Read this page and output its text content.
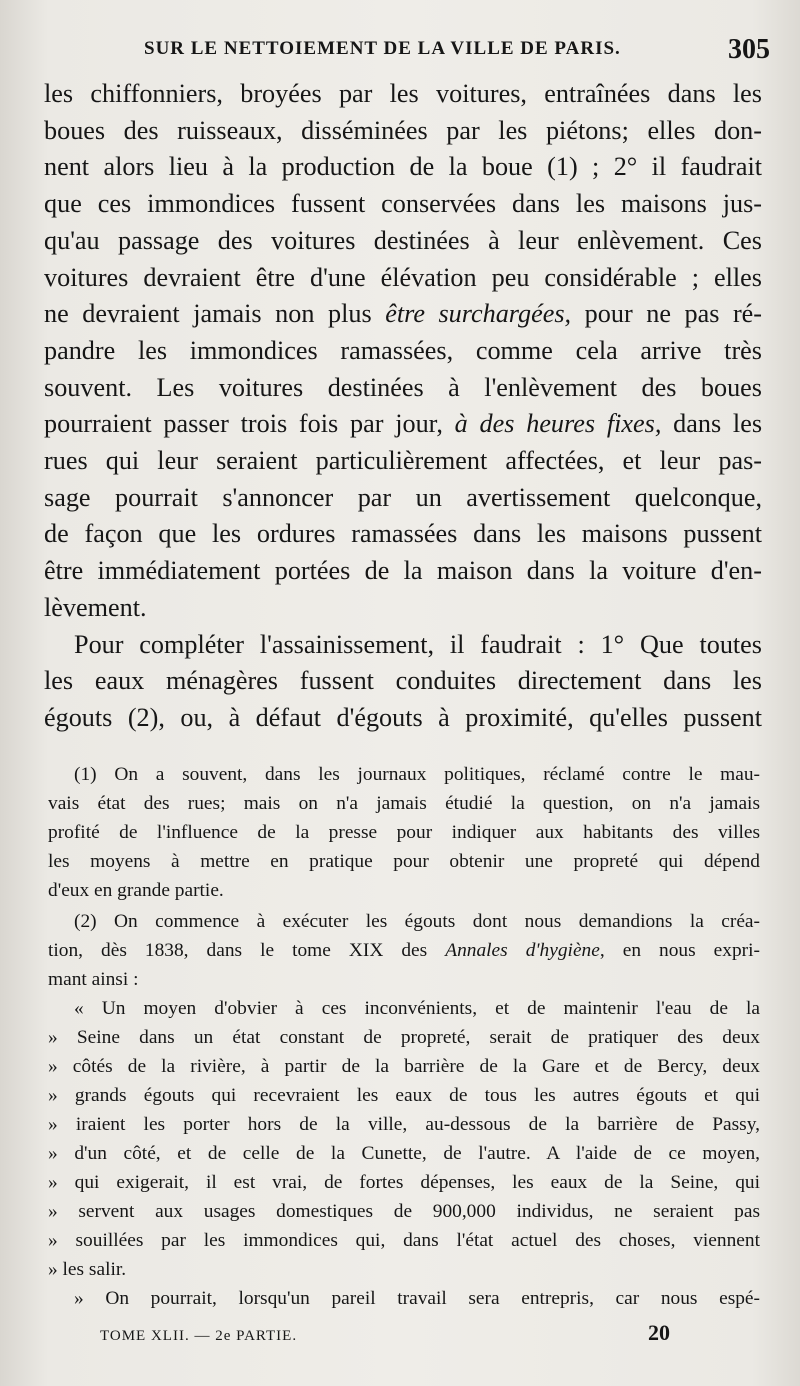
SUR LE NETTOIEMENT DE LA VILLE DE PARIS.	305
les chiffonniers, broyées par les voitures, entraînées dans les
boues des ruisseaux, disséminées par les piétons; elles don-
nent alors lieu à la production de la boue (1) ; 2° il faudrait
que ces immondices fussent conservées dans les maisons jus-
qu'au passage des voitures destinées à leur enlèvement. Ces
voitures devraient être d'une élévation peu considérable ; elles
ne devraient jamais non plus être surchargées, pour ne pas ré-
pandre les immondices ramassées, comme cela arrive très
souvent. Les voitures destinées à l'enlèvement des boues
pourraient passer trois fois par jour, à des heures fixes, dans les
rues qui leur seraient particulièrement affectées, et leur pas-
sage pourrait s'annoncer par un avertissement quelconque,
de façon que les ordures ramassées dans les maisons pussent
être immédiatement portées de la maison dans la voiture d'en-
lèvement.
Pour compléter l'assainissement, il faudrait : 1° Que toutes
les eaux ménagères fussent conduites directement dans les
égouts (2), ou, à défaut d'égouts à proximité, qu'elles pussent
(1) On a souvent, dans les journaux politiques, réclamé contre le mau-
vais état des rues; mais on n'a jamais étudié la question, on n'a jamais
profité de l'influence de la presse pour indiquer aux habitants des villes
les moyens à mettre en pratique pour obtenir une propreté qui dépend
d'eux en grande partie.
(2) On commence à exécuter les égouts dont nous demandions la créa-
tion, dès 1838, dans le tome XIX des Annales d'hygiène, en nous expri-
mant ainsi :
« Un moyen d'obvier à ces inconvénients, et de maintenir l'eau de la
» Seine dans un état constant de propreté, serait de pratiquer des deux
» côtés de la rivière, à partir de la barrière de la Gare et de Bercy, deux
» grands égouts qui recevraient les eaux de tous les autres égouts et qui
» iraient les porter hors de la ville, au-dessous de la barrière de Passy,
» d'un côté, et de celle de la Cunette, de l'autre. A l'aide de ce moyen,
» qui exigerait, il est vrai, de fortes dépenses, les eaux de la Seine, qui
» servent aux usages domestiques de 900,000 individus, ne seraient pas
» souillées par les immondices qui, dans l'état actuel des choses, viennent
» les salir.
» On pourrait, lorsqu'un pareil travail sera entrepris, car nous espé-
TOME XLII. — 2e PARTIE.	20
